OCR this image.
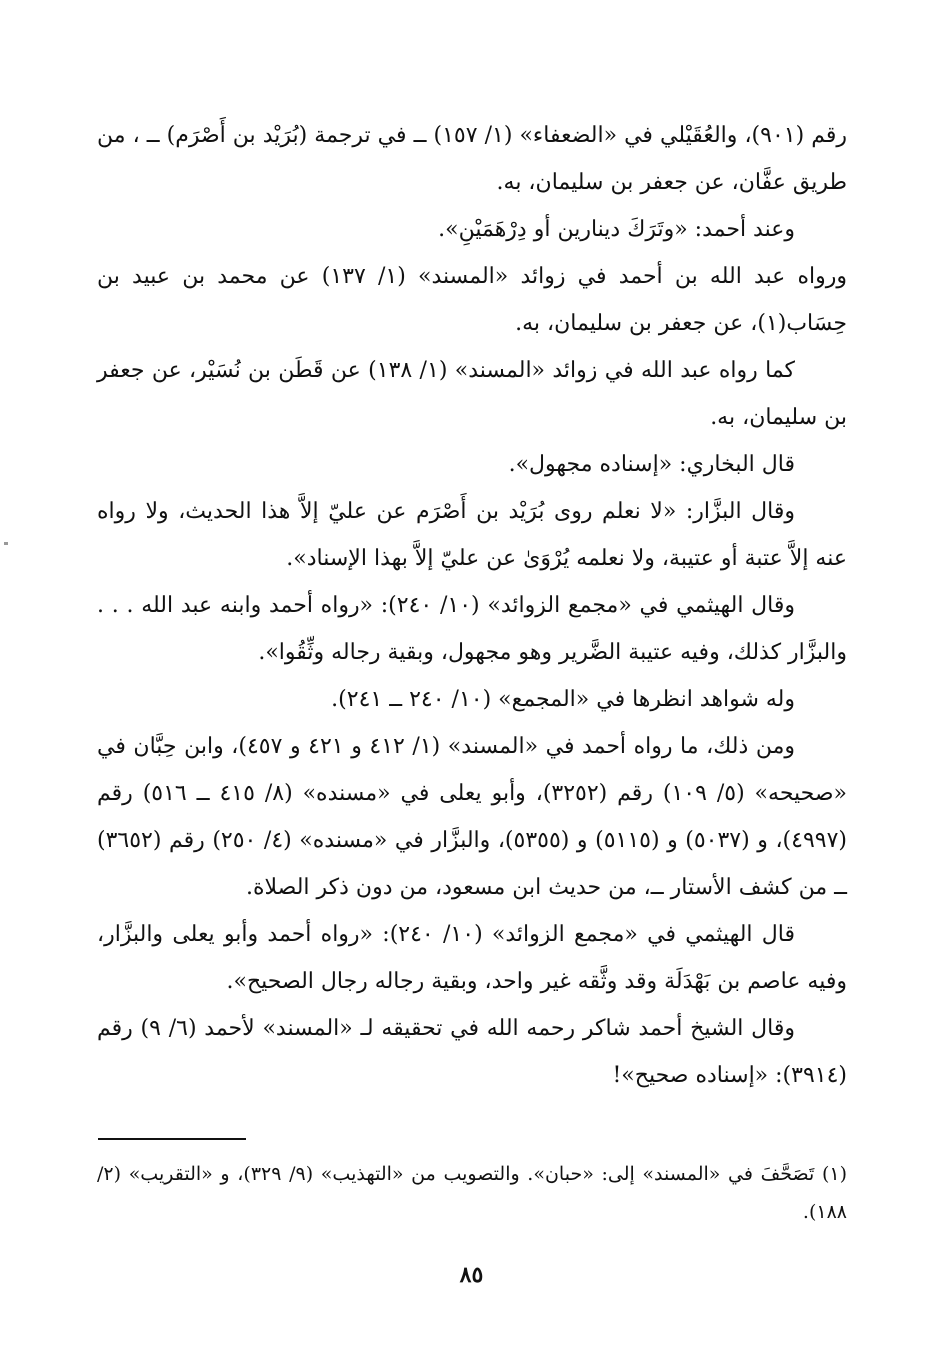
رقم (٩٠١)، والعُقَيْلي في «الضعفاء» (١/ ١٥٧) ــ في ترجمة (بُرَيْد بن أَصْرَم) ــ ، من طريق عفَّان، عن جعفر بن سليمان، به.

وعند أحمد: «وتَرَكَ دينارين أو دِرْهَمَيْنِ».

ورواه عبد الله بن أحمد في زوائد «المسند» (١/ ١٣٧) عن محمد بن عبيد بن حِسَاب(١)، عن جعفر بن سليمان، به.

كما رواه عبد الله في زوائد «المسند» (١/ ١٣٨) عن قَطَن بن نُسَيْر، عن جعفر بن سليمان، به.

قال البخاري: «إسناده مجهول».

وقال البزَّار: «لا نعلم روى بُرَيْد بن أَصْرَم عن عليّ إلاَّ هذا الحديث، ولا رواه عنه إلاَّ عتبة أو عتيبة، ولا نعلمه يُرْوَىٰ عن عليّ إلاَّ بهذا الإسناد».

وقال الهيثمي في «مجمع الزوائد» (١٠/ ٢٤٠): «رواه أحمد وابنه عبد الله . . . والبزَّار كذلك، وفيه عتيبة الضَّرير وهو مجهول، وبقية رجاله وثِّقُوا».

وله شواهد انظرها في «المجمع» (١٠/ ٢٤٠ ــ ٢٤١).

ومن ذلك، ما رواه أحمد في «المسند» (١/ ٤١٢ و ٤٢١ و ٤٥٧)، وابن حِبَّان في «صحيحه» (٥/ ١٠٩) رقم (٣٢٥٢)، وأبو يعلى في «مسنده» (٨/ ٤١٥ ــ ٥١٦) رقم (٤٩٩٧)، و (٥٠٣٧) و (٥١١٥) و (٥٣٥٥)، والبزَّار في «مسنده» (٤/ ٢٥٠) رقم (٣٦٥٢) ــ من كشف الأستار ــ، من حديث ابن مسعود، من دون ذكر الصلاة.

قال الهيثمي في «مجمع الزوائد» (١٠/ ٢٤٠): «رواه أحمد وأبو يعلى والبزَّار، وفيه عاصم بن بَهْدَلَة وقد وثَّقه غير واحد، وبقية رجاله رجال الصحيح».

وقال الشيخ أحمد شاكر رحمه الله في تحقيقه لـ «المسند» لأحمد (٦/ ٩) رقم (٣٩١٤): «إسناده صحيح»!

(١) تَصَحَّفَ في «المسند» إلى: «حبان». والتصويب من «التهذيب» (٩/ ٣٢٩)، و «التقريب» (٢/ ١٨٨).
٨٥
